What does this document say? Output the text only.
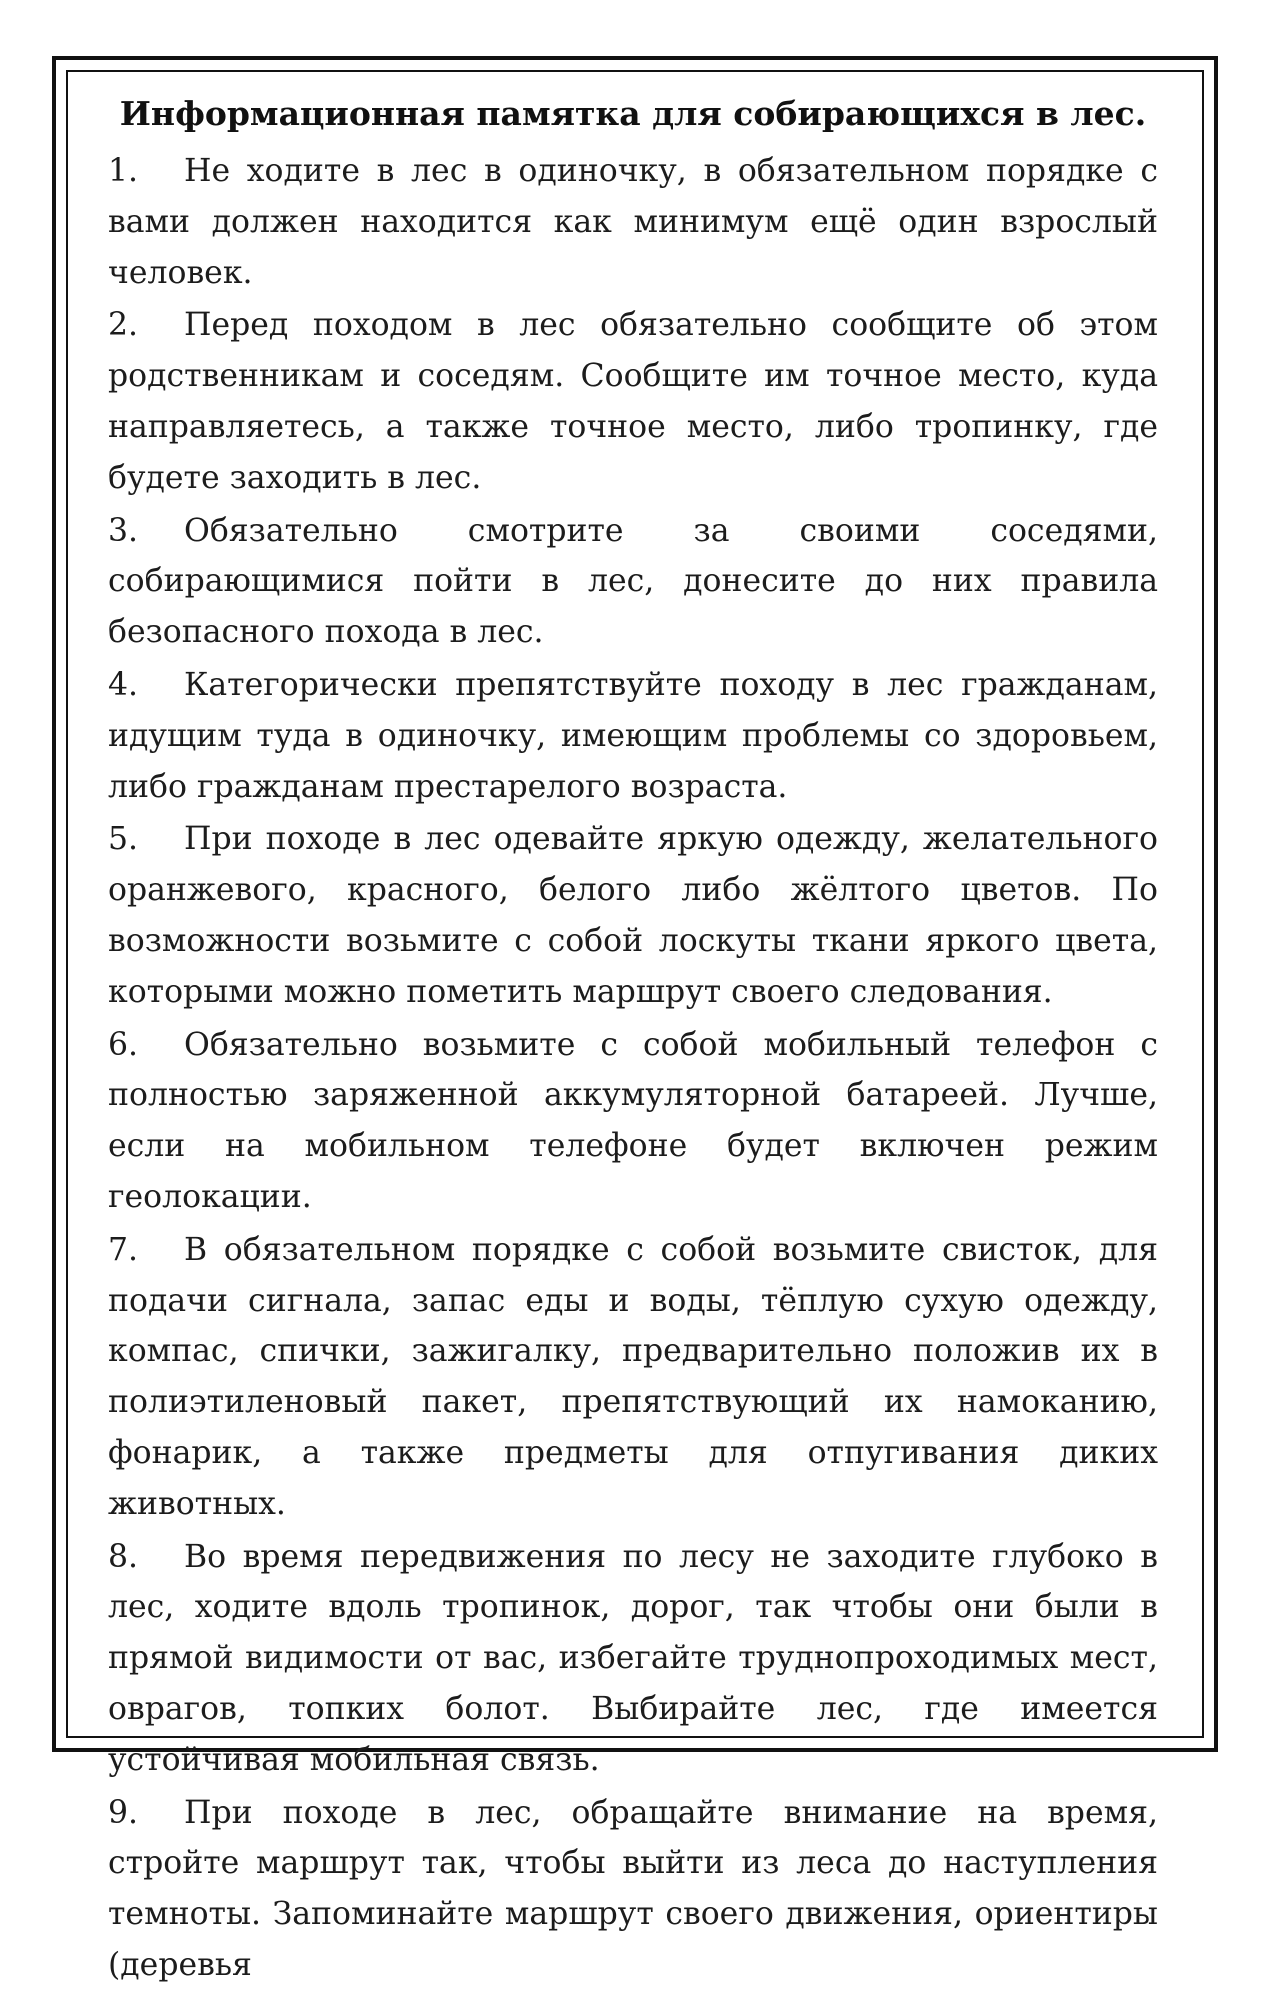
Информационная памятка для собирающихся в лес.
1. Не ходите в лес в одиночку, в обязательном порядке с вами должен находится как минимум ещё один взрослый человек.
2. Перед походом в лес обязательно сообщите об этом родственникам и соседям. Сообщите им точное место, куда направляетесь, а также точное место, либо тропинку, где будете заходить в лес.
3. Обязательно смотрите за своими соседями, собирающимися пойти в лес, донесите до них правила безопасного похода в лес.
4. Категорически препятствуйте походу в лес гражданам, идущим туда в одиночку, имеющим проблемы со здоровьем, либо гражданам престарелого возраста.
5. При походе в лес одевайте яркую одежду, желательного оранжевого, красного, белого либо жёлтого цветов. По возможности возьмите с собой лоскуты ткани яркого цвета, которыми можно пометить маршрут своего следования.
6. Обязательно возьмите с собой мобильный телефон с полностью заряженной аккумуляторной батареей. Лучше, если на мобильном телефоне будет включен режим геолокации.
7. В обязательном порядке с собой возьмите свисток, для подачи сигнала, запас еды и воды, тёплую сухую одежду, компас, спички, зажигалку, предварительно положив их в полиэтиленовый пакет, препятствующий их намоканию, фонарик, а также предметы для отпугивания диких животных.
8. Во время передвижения по лесу не заходите глубоко в лес, ходите вдоль тропинок, дорог, так чтобы они были в прямой видимости от вас, избегайте труднопроходимых мест, оврагов, топких болот. Выбирайте лес, где имеется устойчивая мобильная связь.
9. При походе в лес, обращайте внимание на время, стройте маршрут так, чтобы выйти из леса до наступления темноты. Запоминайте маршрут своего движения, ориентиры (деревья
